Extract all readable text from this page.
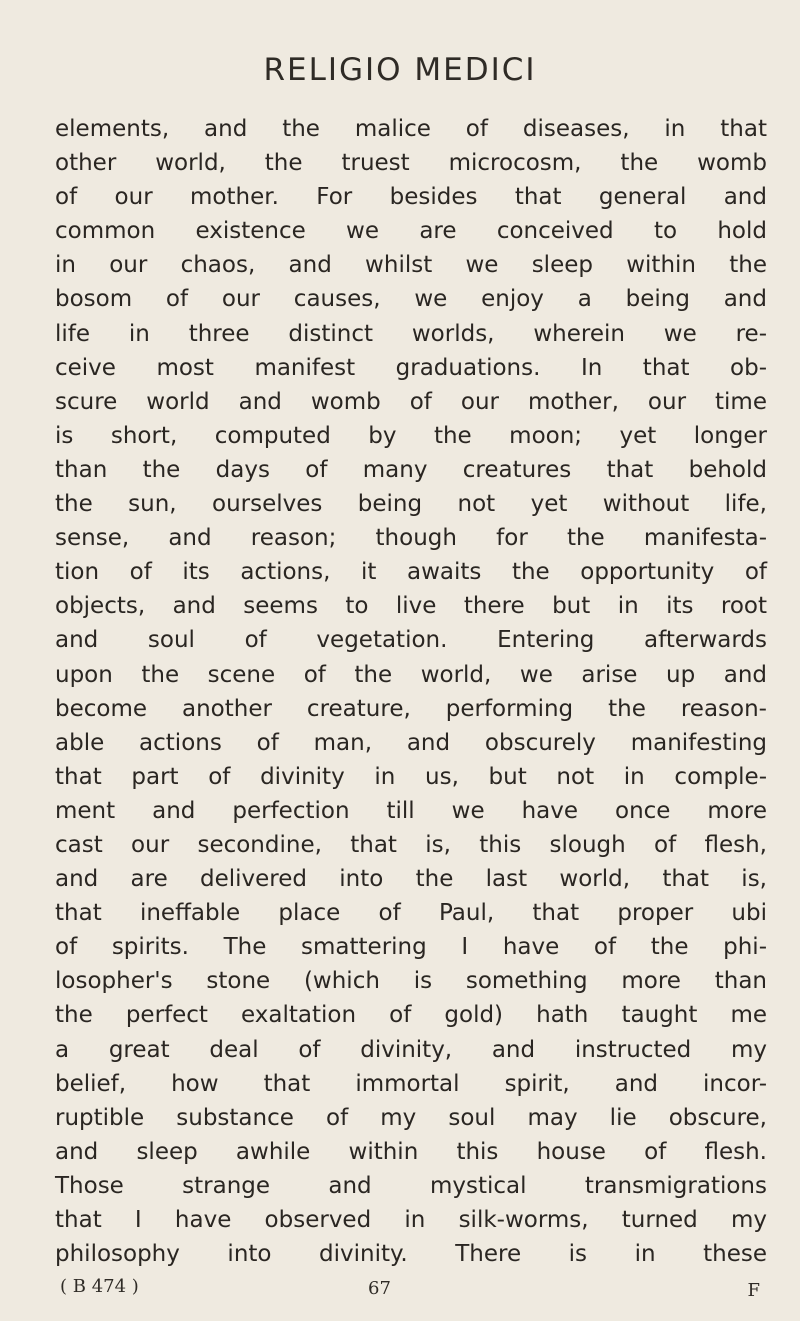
RELIGIO MEDICI
elements, and the malice of diseases, in that
other world, the truest microcosm, the womb
of our mother. For besides that general and
common existence we are conceived to hold
in our chaos, and whilst we sleep within the
bosom of our causes, we enjoy a being and
life in three distinct worlds, wherein we re-
ceive most manifest graduations. In that ob-
scure world and womb of our mother, our time
is short, computed by the moon; yet longer
than the days of many creatures that behold
the sun, ourselves being not yet without life,
sense, and reason; though for the manifesta-
tion of its actions, it awaits the opportunity of
objects, and seems to live there but in its root
and soul of vegetation. Entering afterwards
upon the scene of the world, we arise up and
become another creature, performing the reason-
able actions of man, and obscurely manifesting
that part of divinity in us, but not in comple-
ment and perfection till we have once more
cast our secondine, that is, this slough of flesh,
and are delivered into the last world, that is,
that ineffable place of Paul, that proper ubi
of spirits. The smattering I have of the phi-
losopher's stone (which is something more than
the perfect exaltation of gold) hath taught me
a great deal of divinity, and instructed my
belief, how that immortal spirit, and incor-
ruptible substance of my soul may lie obscure,
and sleep awhile within this house of flesh.
Those strange and mystical transmigrations
that I have observed in silk-worms, turned my
philosophy into divinity. There is in these
( B 474 )	67	F
